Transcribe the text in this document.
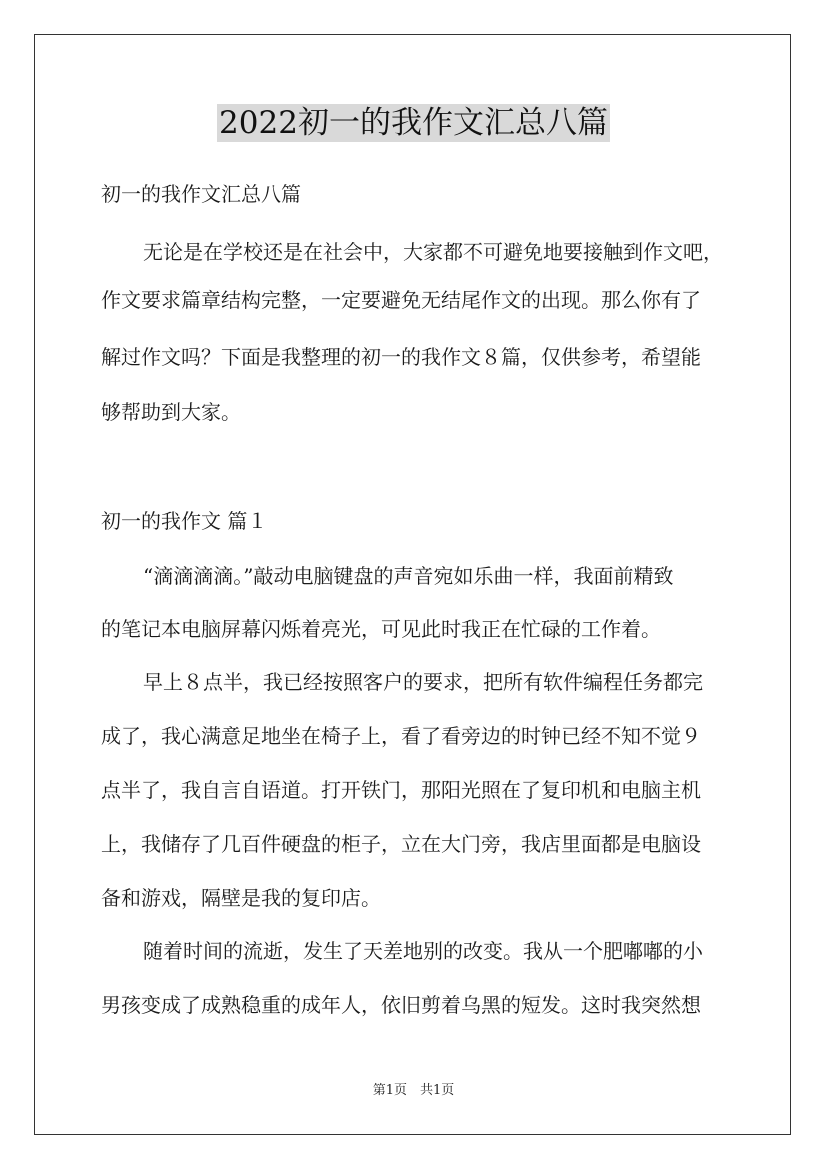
2022初一的我作文汇总八篇
初一的我作文汇总八篇
无论是在学校还是在社会中，大家都不可避免地要接触到作文吧，
作文要求篇章结构完整，一定要避免无结尾作文的出现。那么你有了
解过作文吗？下面是我整理的初一的我作文８篇，仅供参考，希望能
够帮助到大家。
初一的我作文 篇１
“滴滴滴滴。”敲动电脑键盘的声音宛如乐曲一样，我面前精致
的笔记本电脑屏幕闪烁着亮光，可见此时我正在忙碌的工作着。
早上８点半，我已经按照客户的要求，把所有软件编程任务都完
成了，我心满意足地坐在椅子上，看了看旁边的时钟已经不知不觉９
点半了，我自言自语道。打开铁门，那阳光照在了复印机和电脑主机
上，我储存了几百件硬盘的柜子，立在大门旁，我店里面都是电脑设
备和游戏，隔壁是我的复印店。
随着时间的流逝，发生了天差地别的改变。我从一个肥嘟嘟的小
男孩变成了成熟稳重的成年人，依旧剪着乌黑的短发。这时我突然想
第1页　共1页
